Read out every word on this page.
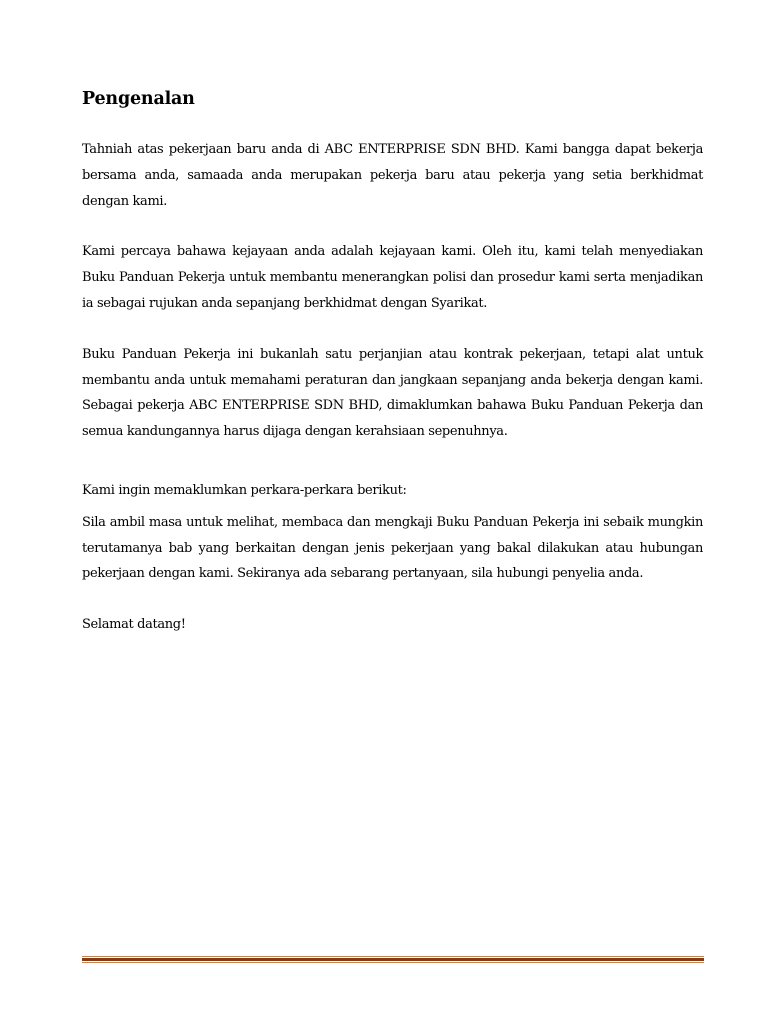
Pengenalan

Tahniah atas pekerjaan baru anda di ABC ENTERPRISE SDN BHD. Kami bangga dapat bekerja bersama anda, samaada anda merupakan pekerja baru atau pekerja yang setia berkhidmat dengan kami.

Kami percaya bahawa kejayaan anda adalah kejayaan kami. Oleh itu, kami telah menyediakan Buku Panduan Pekerja untuk membantu menerangkan polisi dan prosedur kami serta menjadikan ia sebagai rujukan anda sepanjang berkhidmat dengan Syarikat.

Buku Panduan Pekerja ini bukanlah satu perjanjian atau kontrak pekerjaan, tetapi alat untuk membantu anda untuk memahami peraturan dan jangkaan sepanjang anda bekerja dengan kami. Sebagai pekerja ABC ENTERPRISE SDN BHD, dimaklumkan bahawa Buku Panduan Pekerja dan semua kandungannya harus dijaga dengan kerahsiaan sepenuhnya.

Kami ingin memaklumkan perkara-perkara berikut:

Sila ambil masa untuk melihat, membaca dan mengkaji Buku Panduan Pekerja ini sebaik mungkin terutamanya bab yang berkaitan dengan jenis pekerjaan yang bakal dilakukan atau hubungan pekerjaan dengan kami. Sekiranya ada sebarang pertanyaan, sila hubungi penyelia anda.

Selamat datang!
